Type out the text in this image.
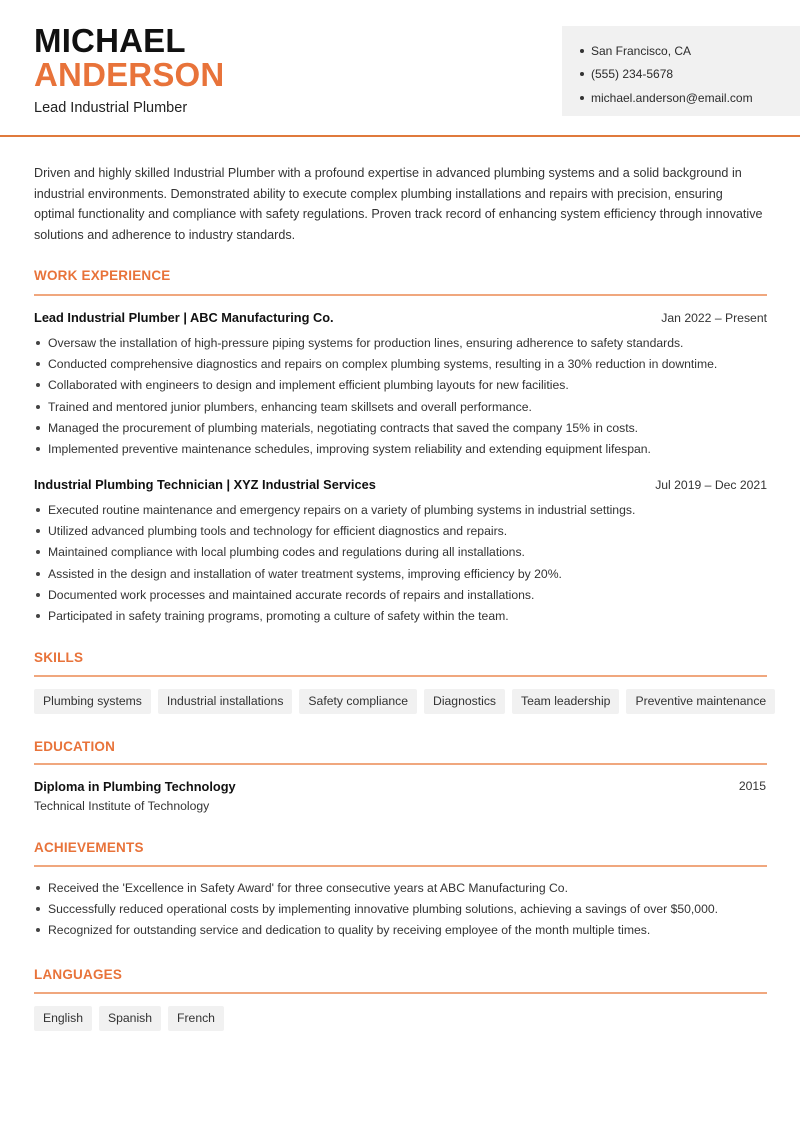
MICHAEL
ANDERSON
Lead Industrial Plumber
San Francisco, CA
(555) 234-5678
michael.anderson@email.com

Driven and highly skilled Industrial Plumber with a profound expertise in advanced plumbing systems and a solid background in industrial environments. Demonstrated ability to execute complex plumbing installations and repairs with precision, ensuring optimal functionality and compliance with safety regulations. Proven track record of enhancing system efficiency through innovative solutions and adherence to industry standards.

WORK EXPERIENCE
Lead Industrial Plumber | ABC Manufacturing Co.	Jan 2022 – Present
Oversaw the installation of high-pressure piping systems for production lines, ensuring adherence to safety standards.
Conducted comprehensive diagnostics and repairs on complex plumbing systems, resulting in a 30% reduction in downtime.
Collaborated with engineers to design and implement efficient plumbing layouts for new facilities.
Trained and mentored junior plumbers, enhancing team skillsets and overall performance.
Managed the procurement of plumbing materials, negotiating contracts that saved the company 15% in costs.
Implemented preventive maintenance schedules, improving system reliability and extending equipment lifespan.
Industrial Plumbing Technician | XYZ Industrial Services	Jul 2019 – Dec 2021
Executed routine maintenance and emergency repairs on a variety of plumbing systems in industrial settings.
Utilized advanced plumbing tools and technology for efficient diagnostics and repairs.
Maintained compliance with local plumbing codes and regulations during all installations.
Assisted in the design and installation of water treatment systems, improving efficiency by 20%.
Documented work processes and maintained accurate records of repairs and installations.
Participated in safety training programs, promoting a culture of safety within the team.
SKILLS
Plumbing systems	Industrial installations	Safety compliance	Diagnostics	Team leadership	Preventive maintenance
EDUCATION
Diploma in Plumbing Technology	2015
Technical Institute of Technology
ACHIEVEMENTS
Received the 'Excellence in Safety Award' for three consecutive years at ABC Manufacturing Co.
Successfully reduced operational costs by implementing innovative plumbing solutions, achieving a savings of over $50,000.
Recognized for outstanding service and dedication to quality by receiving employee of the month multiple times.
LANGUAGES
English	Spanish	French
